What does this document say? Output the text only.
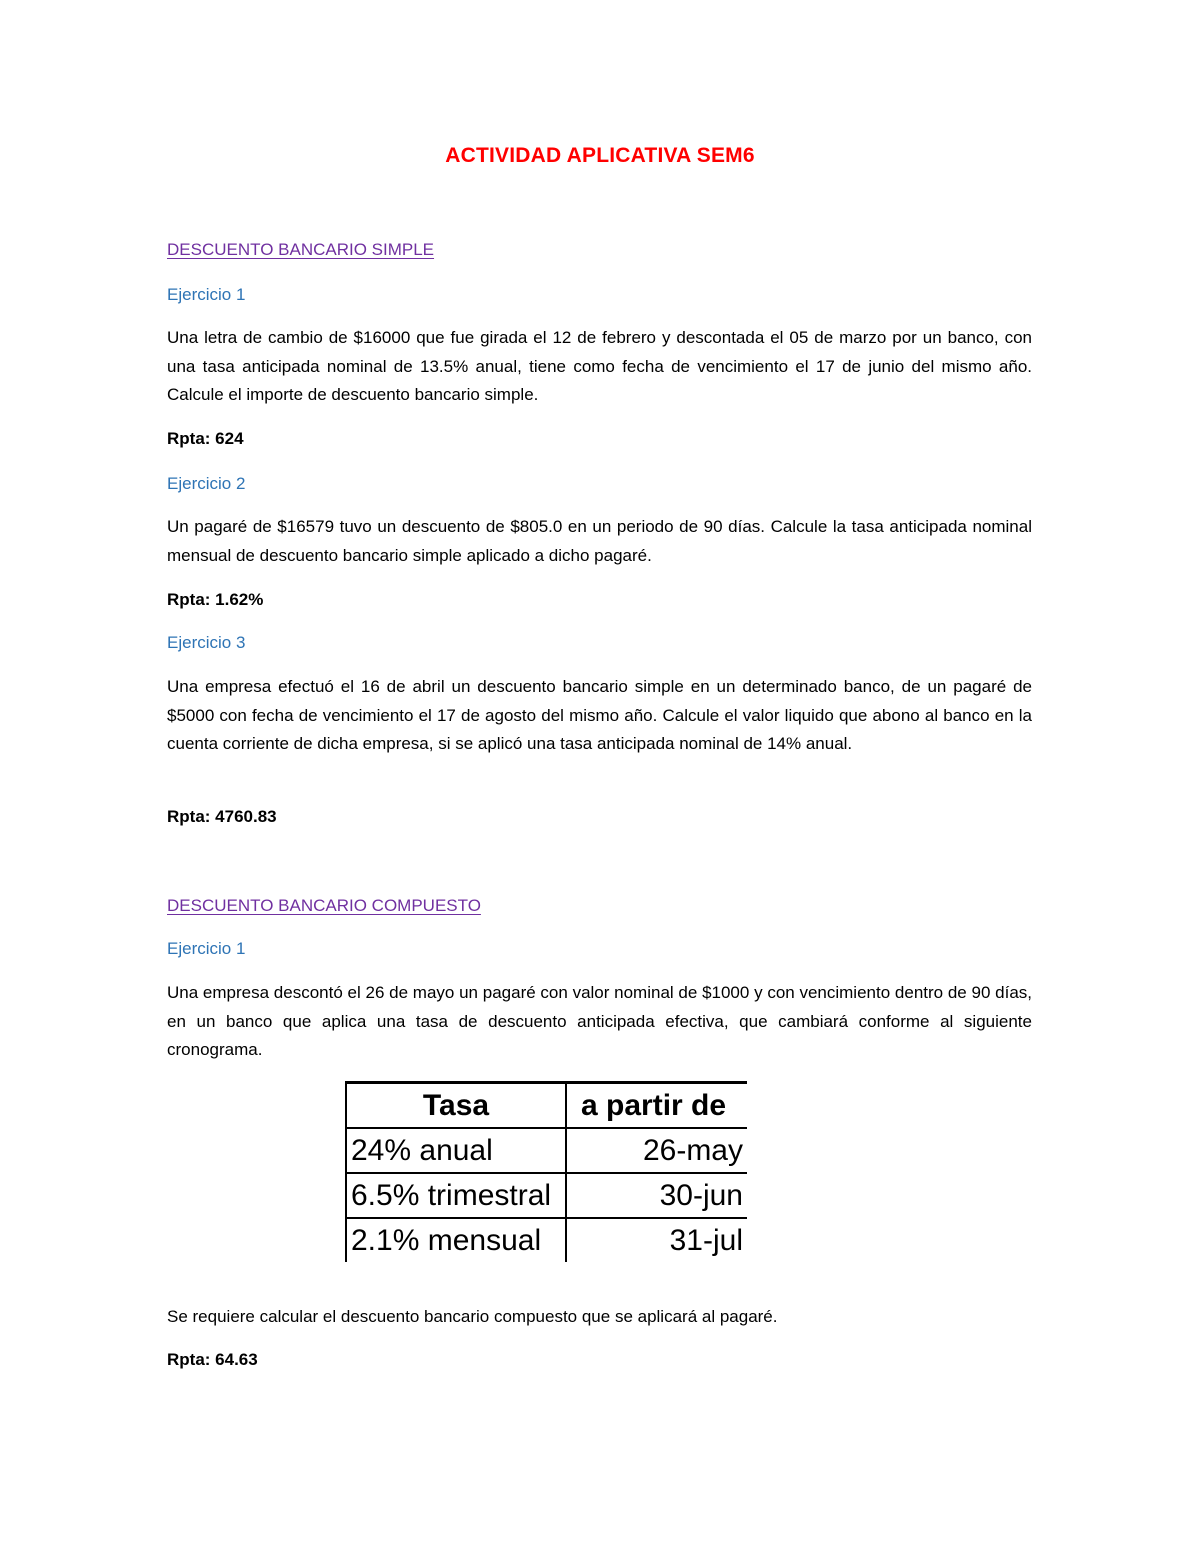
ACTIVIDAD APLICATIVA SEM6
DESCUENTO BANCARIO SIMPLE
Ejercicio 1
Una letra de cambio de $16000 que fue girada el 12 de febrero y descontada el 05 de marzo por un banco, con una tasa anticipada nominal de 13.5% anual, tiene como fecha de vencimiento el 17 de junio del mismo año. Calcule el importe de descuento bancario simple.
Rpta: 624
Ejercicio 2
Un pagaré de $16579 tuvo un descuento de $805.0 en un periodo de 90 días. Calcule la tasa anticipada nominal mensual de descuento bancario simple aplicado a dicho pagaré.
Rpta: 1.62%
Ejercicio 3
Una empresa efectuó el 16 de abril un descuento bancario simple en un determinado banco, de un pagaré de $5000 con fecha de vencimiento el 17 de agosto del mismo año. Calcule el valor liquido que abono al banco en la cuenta corriente de dicha empresa, si se aplicó una tasa anticipada nominal de 14% anual.
Rpta: 4760.83
DESCUENTO BANCARIO COMPUESTO
Ejercicio 1
Una empresa descontó el 26 de mayo un pagaré con valor nominal de $1000 y con vencimiento dentro de 90 días, en un banco que aplica una tasa de descuento anticipada efectiva, que cambiará conforme al siguiente cronograma.
Tasa	a partir de
24% anual	26-may
6.5% trimestral	30-jun
2.1% mensual	31-jul
Se requiere calcular el descuento bancario compuesto que se aplicará al pagaré.
Rpta: 64.63
